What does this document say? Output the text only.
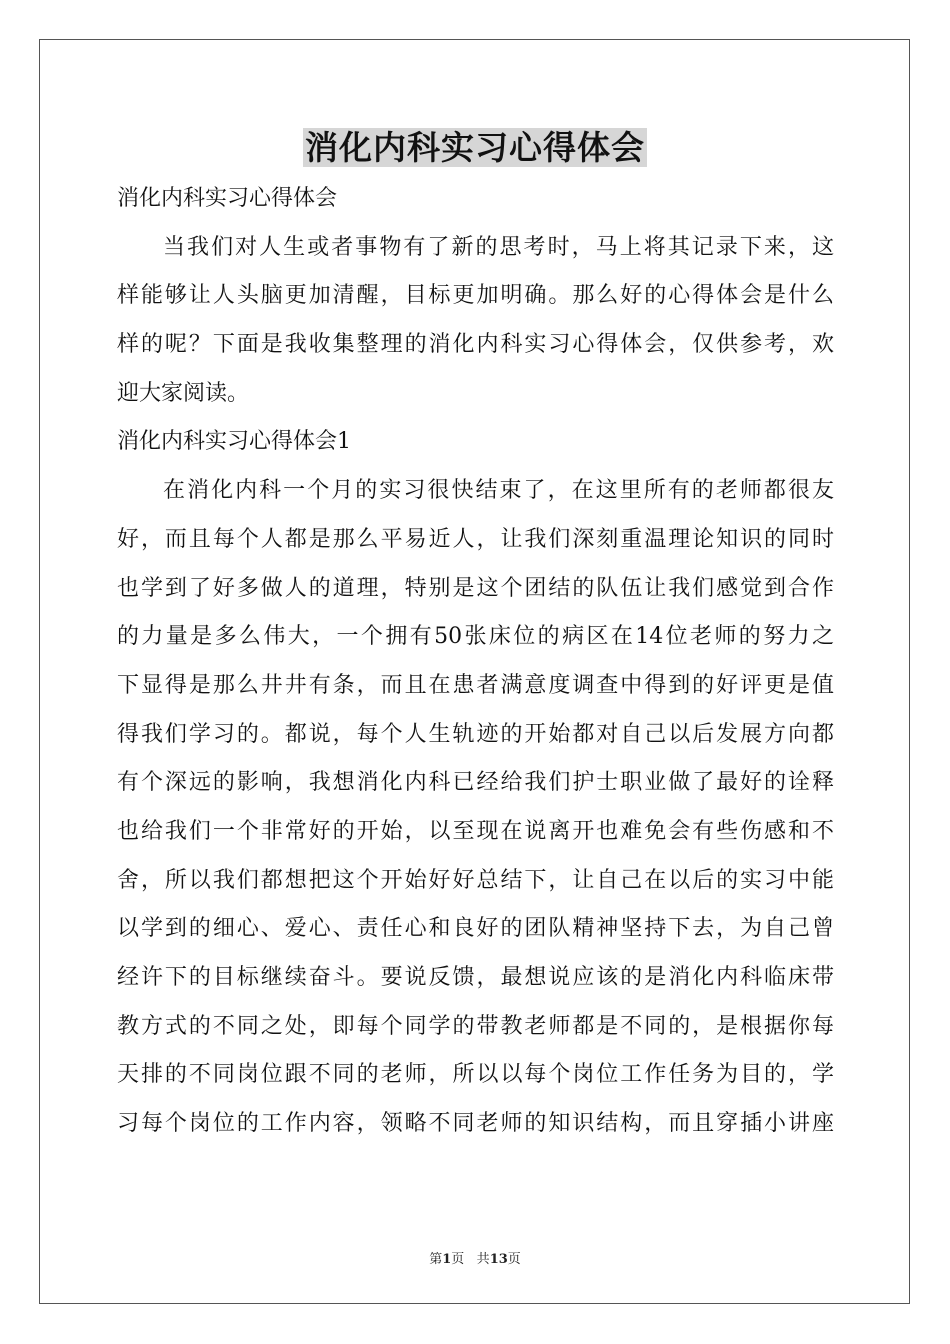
消化内科实习心得体会
消化内科实习心得体会
当我们对人生或者事物有了新的思考时，马上将其记录下来，这
样能够让人头脑更加清醒，目标更加明确。那么好的心得体会是什么
样的呢？下面是我收集整理的消化内科实习心得体会，仅供参考，欢
迎大家阅读。
消化内科实习心得体会1
在消化内科一个月的实习很快结束了，在这里所有的老师都很友
好，而且每个人都是那么平易近人，让我们深刻重温理论知识的同时
也学到了好多做人的道理，特别是这个团结的队伍让我们感觉到合作
的力量是多么伟大，一个拥有50张床位的病区在14位老师的努力之
下显得是那么井井有条，而且在患者满意度调查中得到的好评更是值
得我们学习的。都说，每个人生轨迹的开始都对自己以后发展方向都
有个深远的影响，我想消化内科已经给我们护士职业做了最好的诠释
也给我们一个非常好的开始，以至现在说离开也难免会有些伤感和不
舍，所以我们都想把这个开始好好总结下，让自己在以后的实习中能
以学到的细心、爱心、责任心和良好的团队精神坚持下去，为自己曾
经许下的目标继续奋斗。要说反馈，最想说应该的是消化内科临床带
教方式的不同之处，即每个同学的带教老师都是不同的，是根据你每
天排的不同岗位跟不同的老师，所以以每个岗位工作任务为目的，学
习每个岗位的工作内容，领略不同老师的知识结构，而且穿插小讲座
第1页 共13页
